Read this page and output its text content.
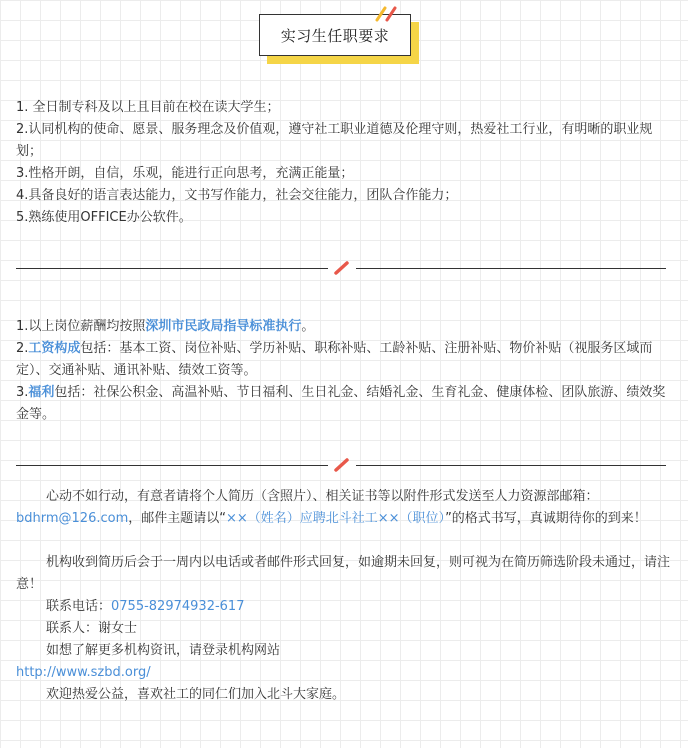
实习生任职要求

1. 全日制专科及以上且目前在校在读大学生；

2.认同机构的使命、愿景、服务理念及价值观，遵守社工职业道德及伦理守则，热爱社工行业，有明晰的职业规划；

3.性格开朗，自信，乐观，能进行正向思考，充满正能量；

4.具备良好的语言表达能力，文书写作能力，社会交往能力，团队合作能力；

5.熟练使用OFFICE办公软件。

1.以上岗位薪酬均按照深圳市民政局指导标准执行。

2.工资构成包括：基本工资、岗位补贴、学历补贴、职称补贴、工龄补贴、注册补贴、物价补贴（视服务区域而定）、交通补贴、通讯补贴、绩效工资等。

3.福利包括：社保公积金、高温补贴、节日福利、生日礼金、结婚礼金、生育礼金、健康体检、团队旅游、绩效奖金等。

心动不如行动，有意者请将个人简历（含照片）、相关证书等以附件形式发送至人力资源部邮箱：bdhrm@126.com，邮件主题请以“××（姓名）应聘北斗社工××（职位）”的格式书写，真诚期待你的到来！

机构收到简历后会于一周内以电话或者邮件形式回复，如逾期未回复，则可视为在简历筛选阶段未通过，请注意！

联系电话：0755-82974932-617

联系人：谢女士

如想了解更多机构资讯，请登录机构网站

http://www.szbd.org/

欢迎热爱公益，喜欢社工的同仁们加入北斗大家庭。
